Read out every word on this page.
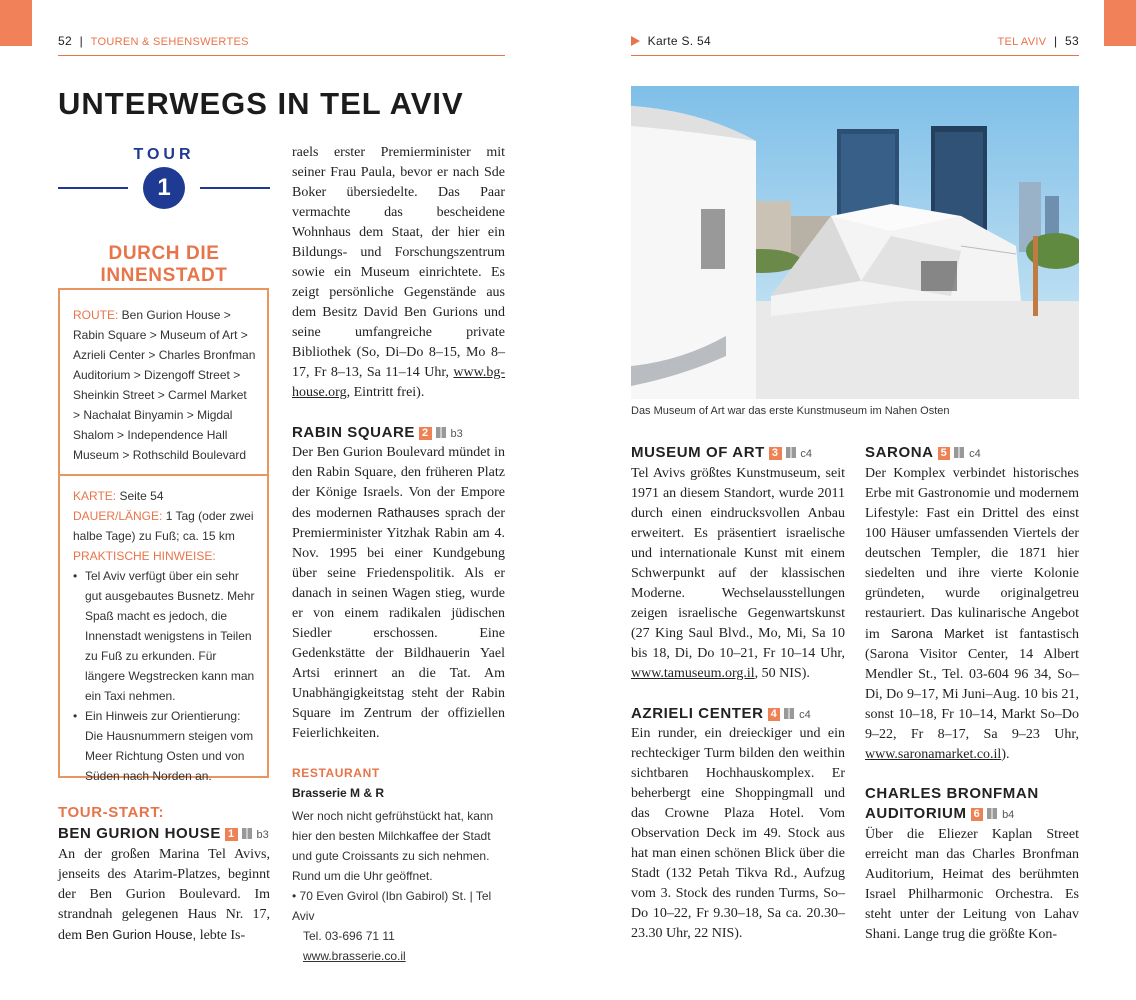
52 | TOUREN & SEHENSWERTES	Karte S. 54	TEL AVIV | 53
UNTERWEGS IN TEL AVIV
TOUR
1
DURCH DIE INNENSTADT
ROUTE: Ben Gurion House > Rabin Square > Museum of Art > Azrieli Center > Charles Bronfman Auditorium > Dizengoff Street > Sheinkin Street > Carmel Market > Nachalat Binyamin > Migdal Shalom > Independence Hall Museum > Rothschild Boulevard
KARTE: Seite 54
DAUER/LÄNGE: 1 Tag (oder zwei halbe Tage) zu Fuß; ca. 15 km
PRAKTISCHE HINWEISE:
• Tel Aviv verfügt über ein sehr gut ausgebautes Busnetz. Mehr Spaß macht es jedoch, die Innenstadt wenigstens in Teilen zu Fuß zu erkunden. Für längere Wegstrecken kann man ein Taxi nehmen.
• Ein Hinweis zur Orientierung: Die Hausnummern steigen vom Meer Richtung Osten und von Süden nach Norden an.
TOUR-START:
BEN GURION HOUSE 1 b3

An der großen Marina Tel Avivs, jenseits des Atarim-Platzes, beginnt der Ben Gurion Boulevard. Im strandnah gelegenen Haus Nr. 17, dem Ben Gurion House, lebte Is-

raels erster Premierminister mit seiner Frau Paula, bevor er nach Sde Boker übersiedelte. Das Paar vermachte das bescheidene Wohnhaus dem Staat, der hier ein Bildungs- und Forschungszentrum sowie ein Museum einrichtete. Es zeigt persönliche Gegenstände aus dem Besitz David Ben Gurions und seine umfangreiche private Bibliothek (So, Di–Do 8–15, Mo 8–17, Fr 8–13, Sa 11–14 Uhr, www.bg-house.org, Eintritt frei).

RABIN SQUARE 2 b3

Der Ben Gurion Boulevard mündet in den Rabin Square, den früheren Platz der Könige Israels. Von der Empore des modernen Rathauses sprach der Premierminister Yitzhak Rabin am 4. Nov. 1995 bei einer Kundgebung über seine Friedenspolitik. Als er danach in seinen Wagen stieg, wurde er von einem radikalen jüdischen Siedler erschossen. Eine Gedenkstätte der Bildhauerin Yael Artsi erinnert an die Tat. Am Unabhängigkeitstag steht der Rabin Square im Zentrum der offiziellen Feierlichkeiten.

RESTAURANT
Brasserie M & R
Wer noch nicht gefrühstückt hat, kann hier den besten Milchkaffee der Stadt und gute Croissants zu sich nehmen. Rund um die Uhr geöffnet.
• 70 Even Gvirol (Ibn Gabirol) St. | Tel Aviv
Tel. 03-696 71 11
www.brasserie.co.il
Das Museum of Art war das erste Kunstmuseum im Nahen Osten
MUSEUM OF ART 3 c4

Tel Avivs größtes Kunstmuseum, seit 1971 an diesem Standort, wurde 2011 durch einen eindrucksvollen Anbau erweitert. Es präsentiert israelische und internationale Kunst mit einem Schwerpunkt auf der klassischen Moderne. Wechselausstellungen zeigen israelische Gegenwartskunst (27 King Saul Blvd., Mo, Mi, Sa 10 bis 18, Di, Do 10–21, Fr 10–14 Uhr, www.tamuseum.org.il, 50 NIS).

AZRIELI CENTER 4 c4

Ein runder, ein dreieckiger und ein rechteckiger Turm bilden den weithin sichtbaren Hochhauskomplex. Er beherbergt eine Shoppingmall und das Crowne Plaza Hotel. Vom Observation Deck im 49. Stock aus hat man einen schönen Blick über die Stadt (132 Petah Tikva Rd., Aufzug vom 3. Stock des runden Turms, So–Do 10–22, Fr 9.30–18, Sa ca. 20.30–23.30 Uhr, 22 NIS).

SARONA 5 c4

Der Komplex verbindet historisches Erbe mit Gastronomie und modernem Lifestyle: Fast ein Drittel des einst 100 Häuser umfassenden Viertels der deutschen Templer, die 1871 hier siedelten und ihre vierte Kolonie gründeten, wurde originalgetreu restauriert. Das kulinarische Angebot im Sarona Market ist fantastisch (Sarona Visitor Center, 14 Albert Mendler St., Tel. 03-604 96 34, So–Di, Do 9–17, Mi Juni–Aug. 10 bis 21, sonst 10–18, Fr 10–14, Markt So–Do 9–22, Fr 8–17, Sa 9–23 Uhr, www.saronamarket.co.il).

CHARLES BRONFMAN
AUDITORIUM 6 b4

Über die Eliezer Kaplan Street erreicht man das Charles Bronfman Auditorium, Heimat des berühmten Israel Philharmonic Orchestra. Es steht unter der Leitung von Lahav Shani. Lange trug die größte Kon-
